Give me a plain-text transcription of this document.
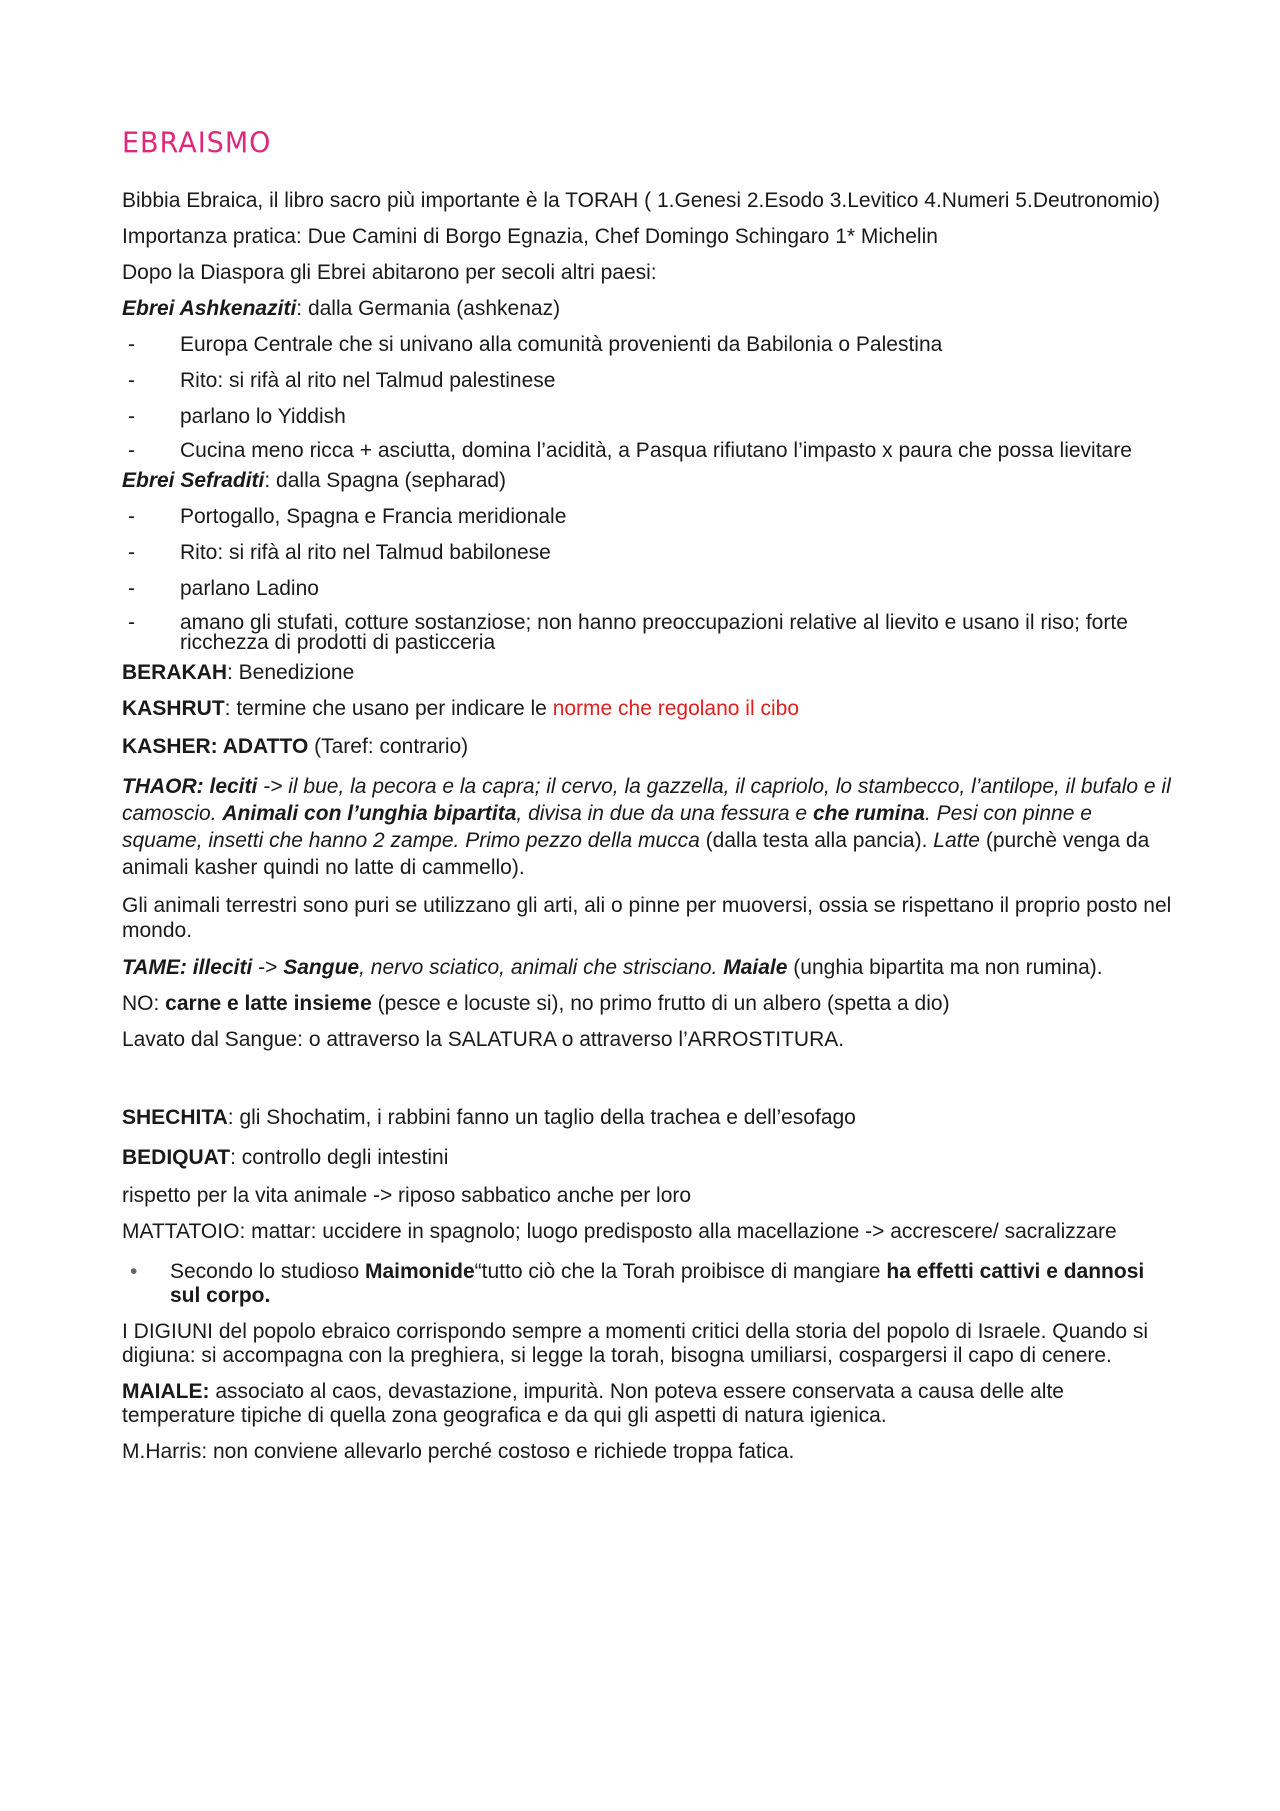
EBRAISMO

Bibbia Ebraica, il libro sacro più importante è la TORAH ( 1.Genesi 2.Esodo 3.Levitico 4.Numeri 5.Deutronomio)

Importanza pratica: Due Camini di Borgo Egnazia, Chef Domingo Schingaro 1* Michelin

Dopo la Diaspora gli Ebrei abitarono per secoli altri paesi:

Ebrei Ashkenaziti: dalla Germania (ashkenaz)

- Europa Centrale che si univano alla comunità provenienti da Babilonia o Palestina
- Rito: si rifà al rito nel Talmud palestinese
- parlano lo Yiddish
- Cucina meno ricca + asciutta, domina l’acidità, a Pasqua rifiutano l’impasto x paura che possa lievitare

Ebrei Sefraditi: dalla Spagna (sepharad)

- Portogallo, Spagna e Francia meridionale
- Rito: si rifà al rito nel Talmud babilonese
- parlano Ladino
- amano gli stufati, cotture sostanziose; non hanno preoccupazioni relative al lievito e usano il riso; forte ricchezza di prodotti di pasticceria

BERAKAH: Benedizione

KASHRUT: termine che usano per indicare le norme che regolano il cibo

KASHER: ADATTO (Taref: contrario)

THAOR: leciti -> il bue, la pecora e la capra; il cervo, la gazzella, il capriolo, lo stambecco, l’antilope, il bufalo e il camoscio. Animali con l’unghia bipartita, divisa in due da una fessura e che rumina. Pesi con pinne e squame, insetti che hanno 2 zampe. Primo pezzo della mucca (dalla testa alla pancia). Latte (purchè venga da animali kasher quindi no latte di cammello).

Gli animali terrestri sono puri se utilizzano gli arti, ali o pinne per muoversi, ossia se rispettano il proprio posto nel mondo.

TAME: illeciti -> Sangue, nervo sciatico, animali che strisciano. Maiale (unghia bipartita ma non rumina).

NO: carne e latte insieme (pesce e locuste si), no primo frutto di un albero (spetta a dio)

Lavato dal Sangue: o attraverso la SALATURA o attraverso l’ARROSTITURA.

SHECHITA: gli Shochatim, i rabbini fanno un taglio della trachea e dell’esofago

BEDIQUAT: controllo degli intestini

rispetto per la vita animale -> riposo sabbatico anche per loro

MATTATOIO: mattar: uccidere in spagnolo; luogo predisposto alla macellazione -> accrescere/ sacralizzare

• Secondo lo studioso Maimonide“tutto ciò che la Torah proibisce di mangiare ha effetti cattivi e dannosi sul corpo.

I DIGIUNI del popolo ebraico corrispondo sempre a momenti critici della storia del popolo di Israele. Quando si digiuna: si accompagna con la preghiera, si legge la torah, bisogna umiliarsi, cospargersi il capo di cenere.

MAIALE: associato al caos, devastazione, impurità. Non poteva essere conservata a causa delle alte temperature tipiche di quella zona geografica e da qui gli aspetti di natura igienica.

M.Harris: non conviene allevarlo perché costoso e richiede troppa fatica.
